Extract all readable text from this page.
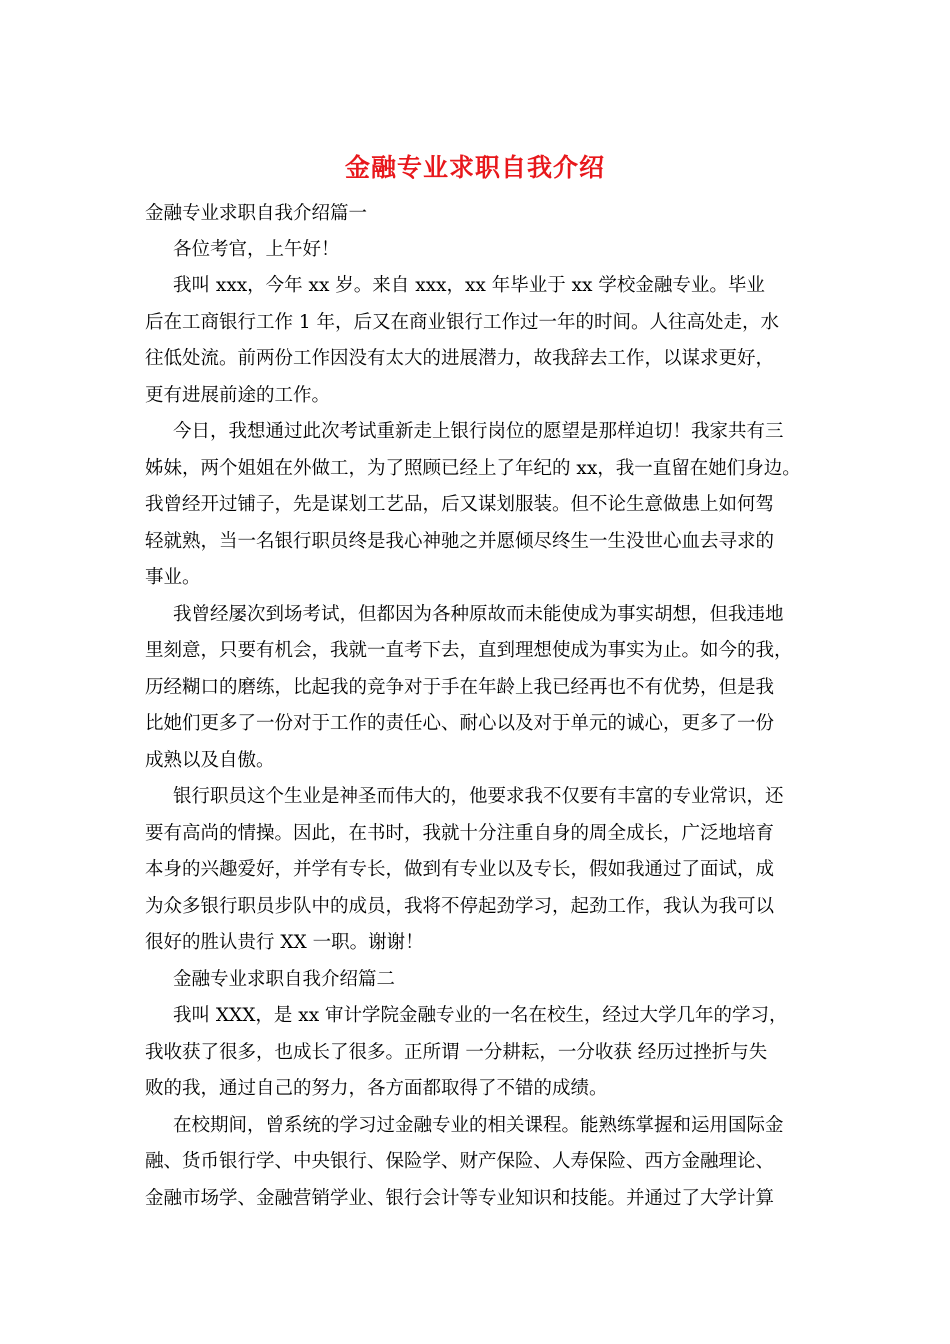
金融专业求职自我介绍
金融专业求职自我介绍篇一
各位考官，上午好！
我叫 xxx，今年 xx 岁。来自 xxx，xx 年毕业于 xx 学校金融专业。毕业
后在工商银行工作 1 年，后又在商业银行工作过一年的时间。人往高处走，水
往低处流。前两份工作因没有太大的进展潜力，故我辞去工作，以谋求更好，
更有进展前途的工作。
今日，我想通过此次考试重新走上银行岗位的愿望是那样迫切！我家共有三
姊妹，两个姐姐在外做工，为了照顾已经上了年纪的 xx，我一直留在她们身边。
我曾经开过铺子，先是谋划工艺品，后又谋划服装。但不论生意做患上如何驾
轻就熟，当一名银行职员终是我心神驰之并愿倾尽终生一生没世心血去寻求的
事业。
我曾经屡次到场考试，但都因为各种原故而未能使成为事实胡想，但我违地
里刻意，只要有机会，我就一直考下去，直到理想使成为事实为止。如今的我，
历经糊口的磨练，比起我的竞争对于手在年龄上我已经再也不有优势，但是我
比她们更多了一份对于工作的责任心、耐心以及对于单元的诚心，更多了一份
成熟以及自傲。
银行职员这个生业是神圣而伟大的，他要求我不仅要有丰富的专业常识，还
要有高尚的情操。因此，在书时，我就十分注重自身的周全成长，广泛地培育
本身的兴趣爱好，并学有专长，做到有专业以及专长，假如我通过了面试，成
为众多银行职员步队中的成员，我将不停起劲学习，起劲工作，我认为我可以
很好的胜认贵行 XX 一职。谢谢！
金融专业求职自我介绍篇二
我叫 XXX，是 xx 审计学院金融专业的一名在校生，经过大学几年的学习，
我收获了很多，也成长了很多。正所谓 一分耕耘，一分收获 经历过挫折与失
败的我，通过自己的努力，各方面都取得了不错的成绩。
在校期间，曾系统的学习过金融专业的相关课程。能熟练掌握和运用国际金
融、货币银行学、中央银行、保险学、财产保险、人寿保险、西方金融理论、
金融市场学、金融营销学业、银行会计等专业知识和技能。并通过了大学计算
